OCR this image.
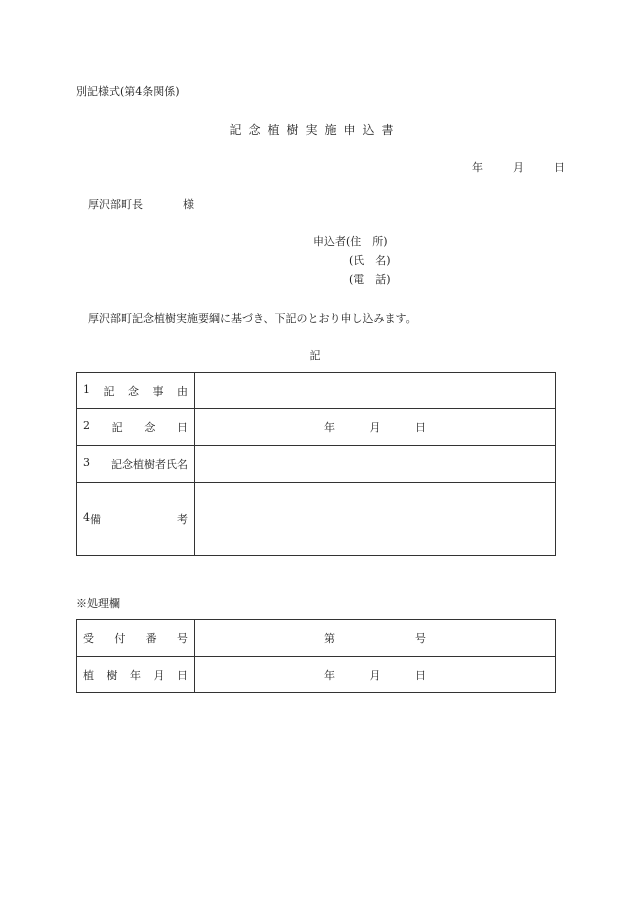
別記様式(第4条関係)
記念植樹実施申込書
年	月	日
厚沢部町長	様
申込者(住　所)
(氏　名)
(電　話)
厚沢部町記念植樹実施要綱に基づき、下記のとおり申し込みます。
記
1 記 念 事 由	

2 記 念 日	年 月 日

3 記念植樹者氏名	

4 備 考	

※処理欄
受 付 番 号	第 号

植 樹 年 月 日	年 月 日
